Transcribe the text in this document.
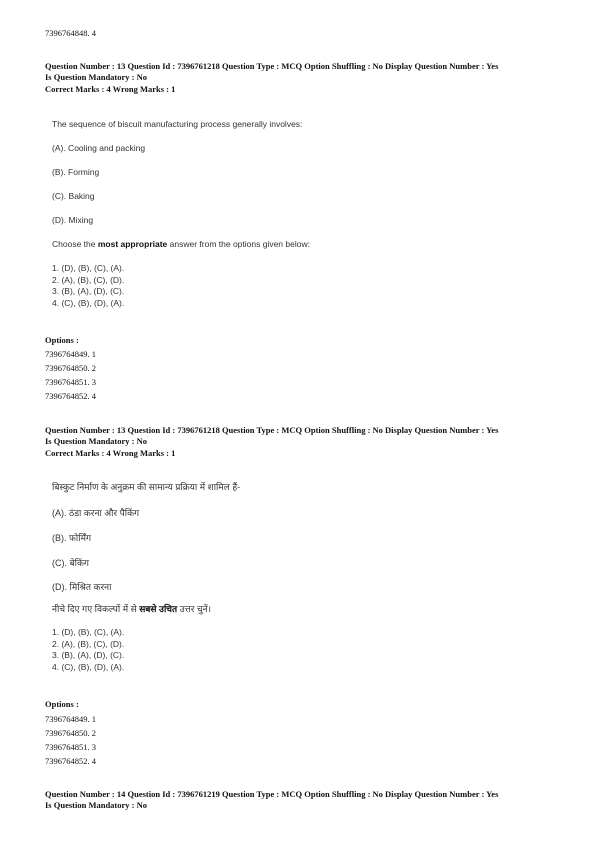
7396764848. 4
Question Number : 13 Question Id : 7396761218 Question Type : MCQ Option Shuffling : No Display Question Number : Yes
Is Question Mandatory : No
Correct Marks : 4 Wrong Marks : 1
The sequence of biscuit manufacturing process generally involves:
(A). Cooling and packing
(B). Forming
(C). Baking
(D). Mixing
Choose the most appropriate answer from the options given below:
1. (D), (B), (C), (A).
2. (A), (B), (C), (D).
3. (B), (A), (D), (C).
4. (C), (B), (D), (A).
Options :
7396764849. 1
7396764850. 2
7396764851. 3
7396764852. 4
Question Number : 13 Question Id : 7396761218 Question Type : MCQ Option Shuffling : No Display Question Number : Yes
Is Question Mandatory : No
Correct Marks : 4 Wrong Marks : 1
बिस्कुट निर्माण के अनुक्रम की सामान्य प्रक्रिया में शामिल हैं-
(A). ठंडा करना और पैकिंग
(B). फोर्मिंग
(C). बेकिंग
(D). मिश्रित करना
नीचे दिए गए विकल्पों में से सबसे उचित उत्तर चुनें।
1. (D), (B), (C), (A).
2. (A), (B), (C), (D).
3. (B), (A), (D), (C).
4. (C), (B), (D), (A).
Options :
7396764849. 1
7396764850. 2
7396764851. 3
7396764852. 4
Question Number : 14 Question Id : 7396761219 Question Type : MCQ Option Shuffling : No Display Question Number : Yes
Is Question Mandatory : No
